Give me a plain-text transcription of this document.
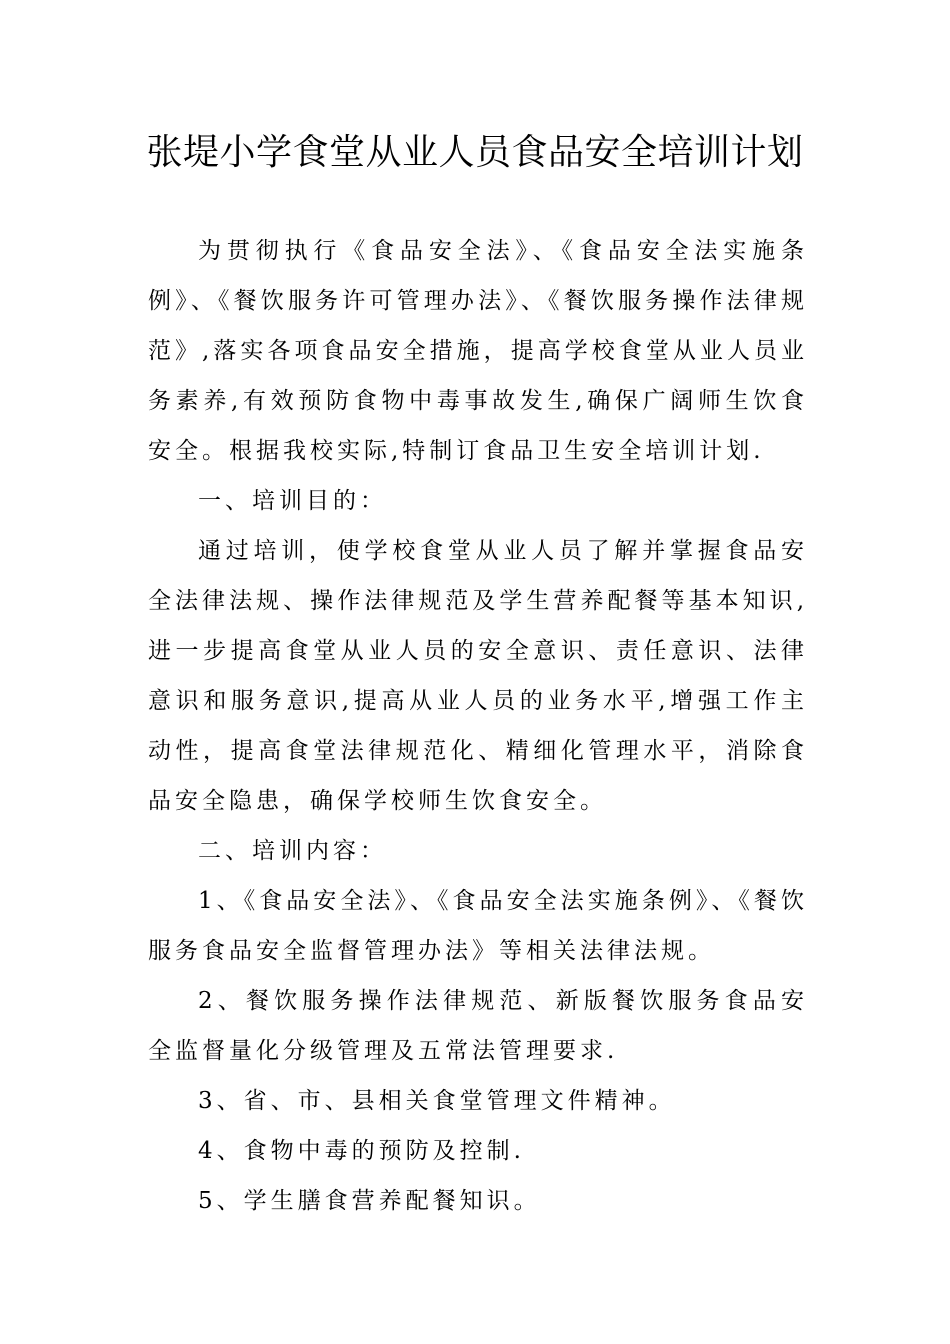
张堤小学食堂从业人员食品安全培训计划

为贯彻执行《食品安全法》、《食品安全法实施条例》、《餐饮服务许可管理办法》、《餐饮服务操作法律规范》,落实各项食品安全措施，提高学校食堂从业人员业务素养,有效预防食物中毒事故发生,确保广阔师生饮食安全。根据我校实际,特制订食品卫生安全培训计划.

一、培训目的：

通过培训，使学校食堂从业人员了解并掌握食品安全法律法规、操作法律规范及学生营养配餐等基本知识,进一步提高食堂从业人员的安全意识、责任意识、法律意识和服务意识,提高从业人员的业务水平,增强工作主动性，提高食堂法律规范化、精细化管理水平，消除食品安全隐患，确保学校师生饮食安全。

二、培训内容：

1、《食品安全法》、《食品安全法实施条例》、《餐饮服务食品安全监督管理办法》等相关法律法规。

2、餐饮服务操作法律规范、新版餐饮服务食品安全监督量化分级管理及五常法管理要求.

3、省、市、县相关食堂管理文件精神。

4、食物中毒的预防及控制.

5、学生膳食营养配餐知识。
